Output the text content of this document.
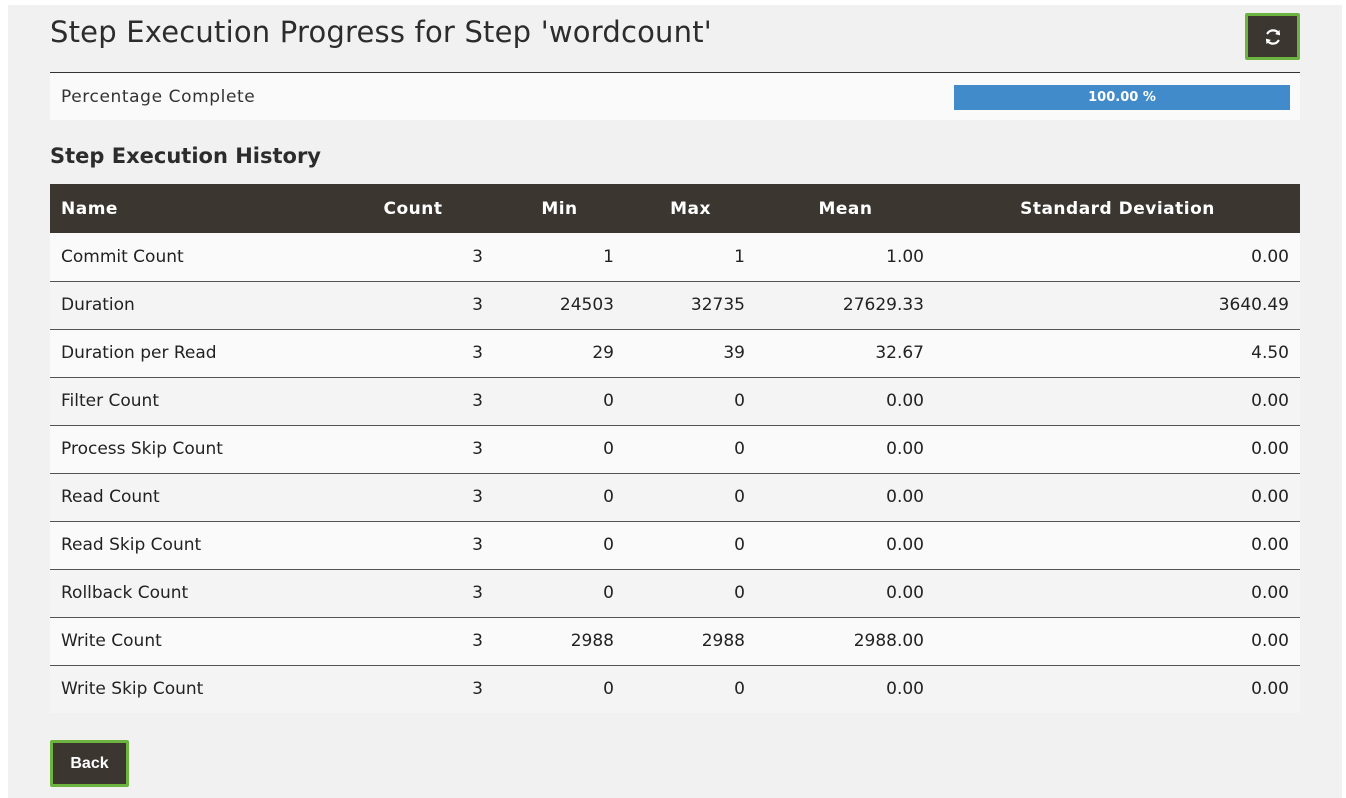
Step Execution Progress for Step 'wordcount'
Percentage Complete	100.00 %
Step Execution History
Name	Count	Min	Max	Mean	Standard Deviation
Commit Count	3	1	1	1.00	0.00
Duration	3	24503	32735	27629.33	3640.49
Duration per Read	3	29	39	32.67	4.50
Filter Count	3	0	0	0.00	0.00
Process Skip Count	3	0	0	0.00	0.00
Read Count	3	0	0	0.00	0.00
Read Skip Count	3	0	0	0.00	0.00
Rollback Count	3	0	0	0.00	0.00
Write Count	3	2988	2988	2988.00	0.00
Write Skip Count	3	0	0	0.00	0.00
Back
